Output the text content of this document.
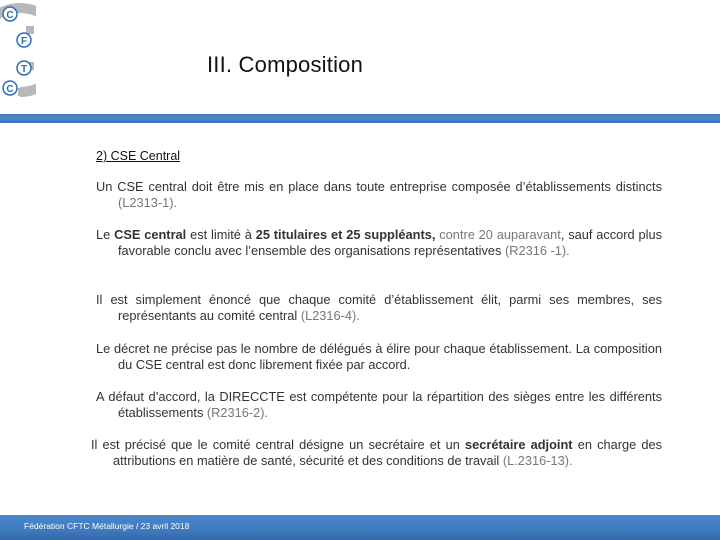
C
F
T
C
III. Composition
2) CSE Central
Un CSE central doit être mis en place dans toute entreprise composée d’établissements distincts (L2313-1).
Le CSE central est limité à 25 titulaires et 25 suppléants, contre 20 auparavant, sauf accord plus favorable conclu avec l’ensemble des organisations représentatives (R2316 -1).
Il est simplement énoncé que chaque comité d’établissement élit, parmi ses membres, ses représentants au comité central (L2316-4).
Le décret ne précise pas le nombre de délégués à élire pour chaque établissement. La composition du CSE central est donc librement fixée par accord.
A défaut d’accord, la DIRECCTE est compétente pour la répartition des sièges entre les différents établissements (R2316-2).
Il est précisé que le comité central désigne un secrétaire et un secrétaire adjoint en charge des attributions en matière de santé, sécurité et des conditions de travail (L.2316-13).
Fédération CFTC Métallurgie / 23 avril 2018
